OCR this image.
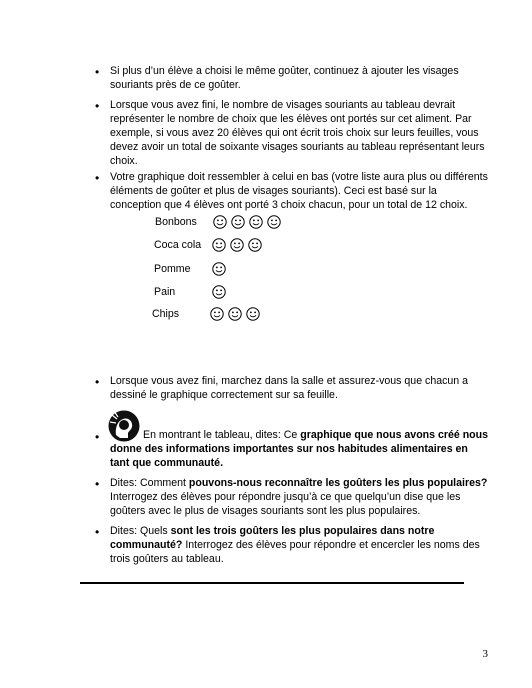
• Si plus d’un élève a choisi le même goûter, continuez à ajouter les visages souriants près de ce goûter.
• Lorsque vous avez fini, le nombre de visages souriants au tableau devrait représenter le nombre de choix que les élèves ont portés sur cet aliment. Par exemple, si vous avez 20 élèves qui ont écrit trois choix sur leurs feuilles, vous devez avoir un total de soixante visages souriants au tableau représentant leurs choix.
• Votre graphique doit ressembler à celui en bas (votre liste aura plus ou différents éléments de goûter et plus de visages souriants). Ceci est basé sur la conception que 4 élèves ont porté 3 choix chacun, pour un total de 12 choix.
Bonbons
Coca cola
Pomme
Pain
Chips
• Lorsque vous avez fini, marchez dans la salle et assurez-vous que chacun a dessiné le graphique correctement sur sa feuille.
•	En montrant le tableau, dites: Ce graphique que nous avons créé nous donne des informations importantes sur nos habitudes alimentaires en tant que communauté.
• Dites: Comment pouvons-nous reconnaître les goûters les plus populaires? Interrogez des élèves pour répondre jusqu’à ce que quelqu’un dise que les goûters avec le plus de visages souriants sont les plus populaires.
• Dites: Quels sont les trois goûters les plus populaires dans notre communauté? Interrogez des élèves pour répondre et encercler les noms des trois goûters au tableau.
3
